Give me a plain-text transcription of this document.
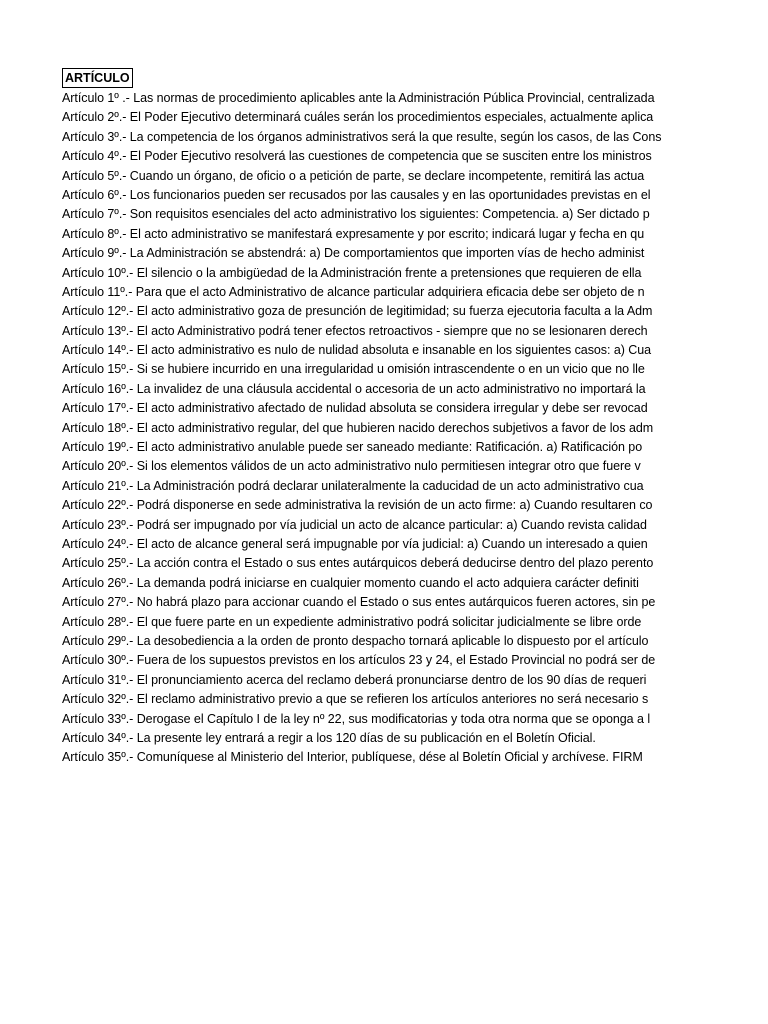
ARTÍCULO
Artículo 1º .- Las normas de procedimiento aplicables ante la Administración Pública Provincial, centralizada
Artículo 2º.- El Poder Ejecutivo determinará cuáles serán los procedimientos especiales, actualmente aplica
Artículo 3º.- La competencia de los órganos administrativos será la que resulte, según los casos, de las Cons
Artículo 4º.- El Poder Ejecutivo resolverá las cuestiones de competencia que se susciten entre los ministros
Artículo 5º.- Cuando un órgano, de oficio o a petición de parte, se declare incompetente, remitirá las actua
Artículo 6º.- Los funcionarios pueden ser recusados por las causales y en las oportunidades previstas en el
Artículo 7º.- Son requisitos esenciales del acto administrativo los siguientes: Competencia. a) Ser dictado p
Artículo 8º.- El acto administrativo se manifestará expresamente y por escrito; indicará lugar y fecha en qu
Artículo 9º.- La Administración se abstendrá: a) De comportamientos que importen vías de hecho administ
Artículo 10º.- El silencio o la ambigüedad de la Administración frente a pretensiones que requieren de ella
Artículo 11º.- Para que el acto Administrativo de alcance particular adquiriera eficacia debe ser objeto de n
Artículo 12º.- El acto administrativo goza de presunción de legitimidad; su fuerza ejecutoria faculta a la Adm
Artículo 13º.- El acto Administrativo podrá tener efectos retroactivos - siempre que no se lesionaren derech
Artículo 14º.- El acto administrativo es nulo de nulidad absoluta e insanable en los siguientes casos: a) Cua
Artículo 15º.- Si se hubiere incurrido en una irregularidad u omisión intrascendente o en un vicio que no lle
Artículo 16º.- La invalidez de una cláusula accidental o accesoria de un acto administrativo no importará la
Artículo 17º.- El acto administrativo afectado de nulidad absoluta se considera irregular y debe ser revocad
Artículo 18º.- El acto administrativo regular, del que hubieren nacido derechos subjetivos a favor de los adm
Artículo 19º.- El acto administrativo anulable puede ser saneado mediante: Ratificación. a) Ratificación po
Artículo 20º.- Si los elementos válidos de un acto administrativo nulo permitiesen integrar otro que fuere v
Artículo 21º.- La Administración podrá declarar unilateralmente la caducidad de un acto administrativo cua
Artículo 22º.- Podrá disponerse en sede administrativa la revisión de un acto firme: a) Cuando resultaren co
Artículo 23º.- Podrá ser impugnado por vía judicial un acto de alcance particular: a) Cuando revista calidad
Artículo 24º.- El acto de alcance general será impugnable por vía judicial: a) Cuando un interesado a quien
Artículo 25º.- La acción contra el Estado o sus entes autárquicos deberá deducirse dentro del plazo perento
Artículo 26º.- La demanda podrá iniciarse en cualquier momento cuando el acto adquiera carácter definiti
Artículo 27º.- No habrá plazo para accionar cuando el Estado o sus entes autárquicos fueren actores, sin pe
Artículo 28º.- El que fuere parte en un expediente administrativo podrá solicitar judicialmente se libre orde
Artículo 29º.- La desobediencia a la orden de pronto despacho tornará aplicable lo dispuesto por el artículo
Artículo 30º.- Fuera de los supuestos previstos en los artículos 23 y 24, el Estado Provincial no podrá ser de
Artículo 31º.- El pronunciamiento acerca del reclamo deberá pronunciarse dentro de los 90 días de requeri
Artículo 32º.- El reclamo administrativo previo a que se refieren los artículos anteriores no será necesario s
Artículo 33º.- Derogase el Capítulo I de la ley nº 22, sus modificatorias y toda otra norma que se oponga a l
Artículo 34º.- La presente ley entrará a regir a los 120 días de su publicación en el Boletín Oficial.
Artículo 35º.- Comuníquese al Ministerio del Interior, publíquese, dése al Boletín Oficial y archívese. FIRM
